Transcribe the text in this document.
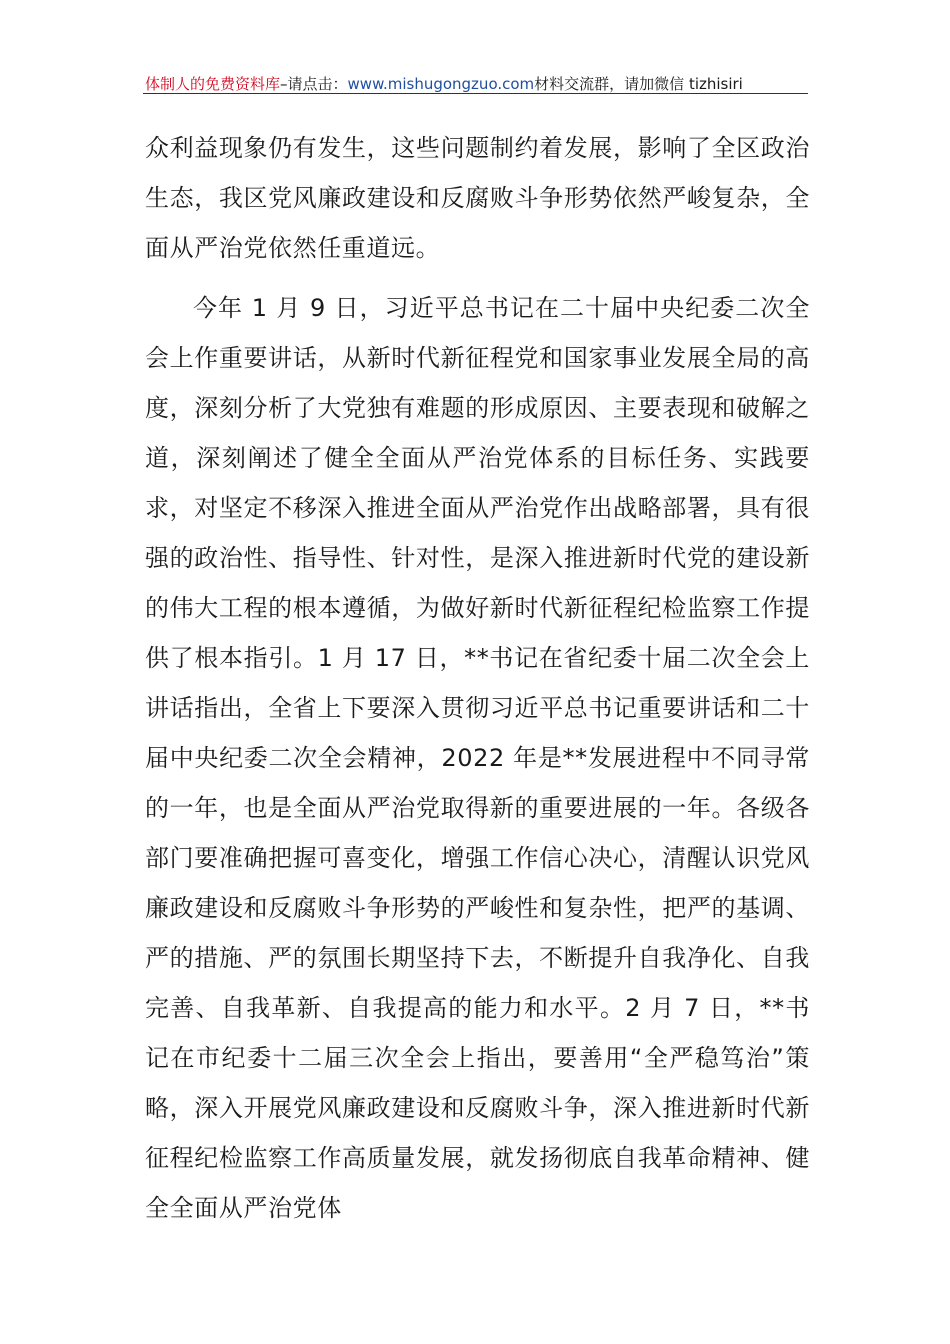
体制人的免费资料库 –请点击： www.mishugongzuo.com 材料交流群，请加微信 tizhisiri

众利益现象仍有发生，这些问题制约着发展，影响了全区政治生态，我区党风廉政建设和反腐败斗争形势依然严峻复杂，全面从严治党依然任重道远。

今年 1 月 9 日，习近平总书记在二十届中央纪委二次全会上作重要讲话，从新时代新征程党和国家事业发展全局的高度，深刻分析了大党独有难题的形成原因、主要表现和破解之道，深刻阐述了健全全面从严治党体系的目标任务、实践要求，对坚定不移深入推进全面从严治党作出战略部署，具有很强的政治性、指导性、针对性，是深入推进新时代党的建设新的伟大工程的根本遵循，为做好新时代新征程纪检监察工作提供了根本指引。1 月 17 日，**书记在省纪委十届二次全会上讲话指出，全省上下要深入贯彻习近平总书记重要讲话和二十届中央纪委二次全会精神，2022 年是**发展进程中不同寻常的一年，也是全面从严治党取得新的重要进展的一年。各级各部门要准确把握可喜变化，增强工作信心决心，清醒认识党风廉政建设和反腐败斗争形势的严峻性和复杂性，把严的基调、严的措施、严的氛围长期坚持下去，不断提升自我净化、自我完善、自我革新、自我提高的能力和水平。2 月 7 日，**书记在市纪委十二届三次全会上指出，要善用“全严稳笃治”策略，深入开展党风廉政建设和反腐败斗争，深入推进新时代新征程纪检监察工作高质量发展，就发扬彻底自我革命精神、健全全面从严治党体
